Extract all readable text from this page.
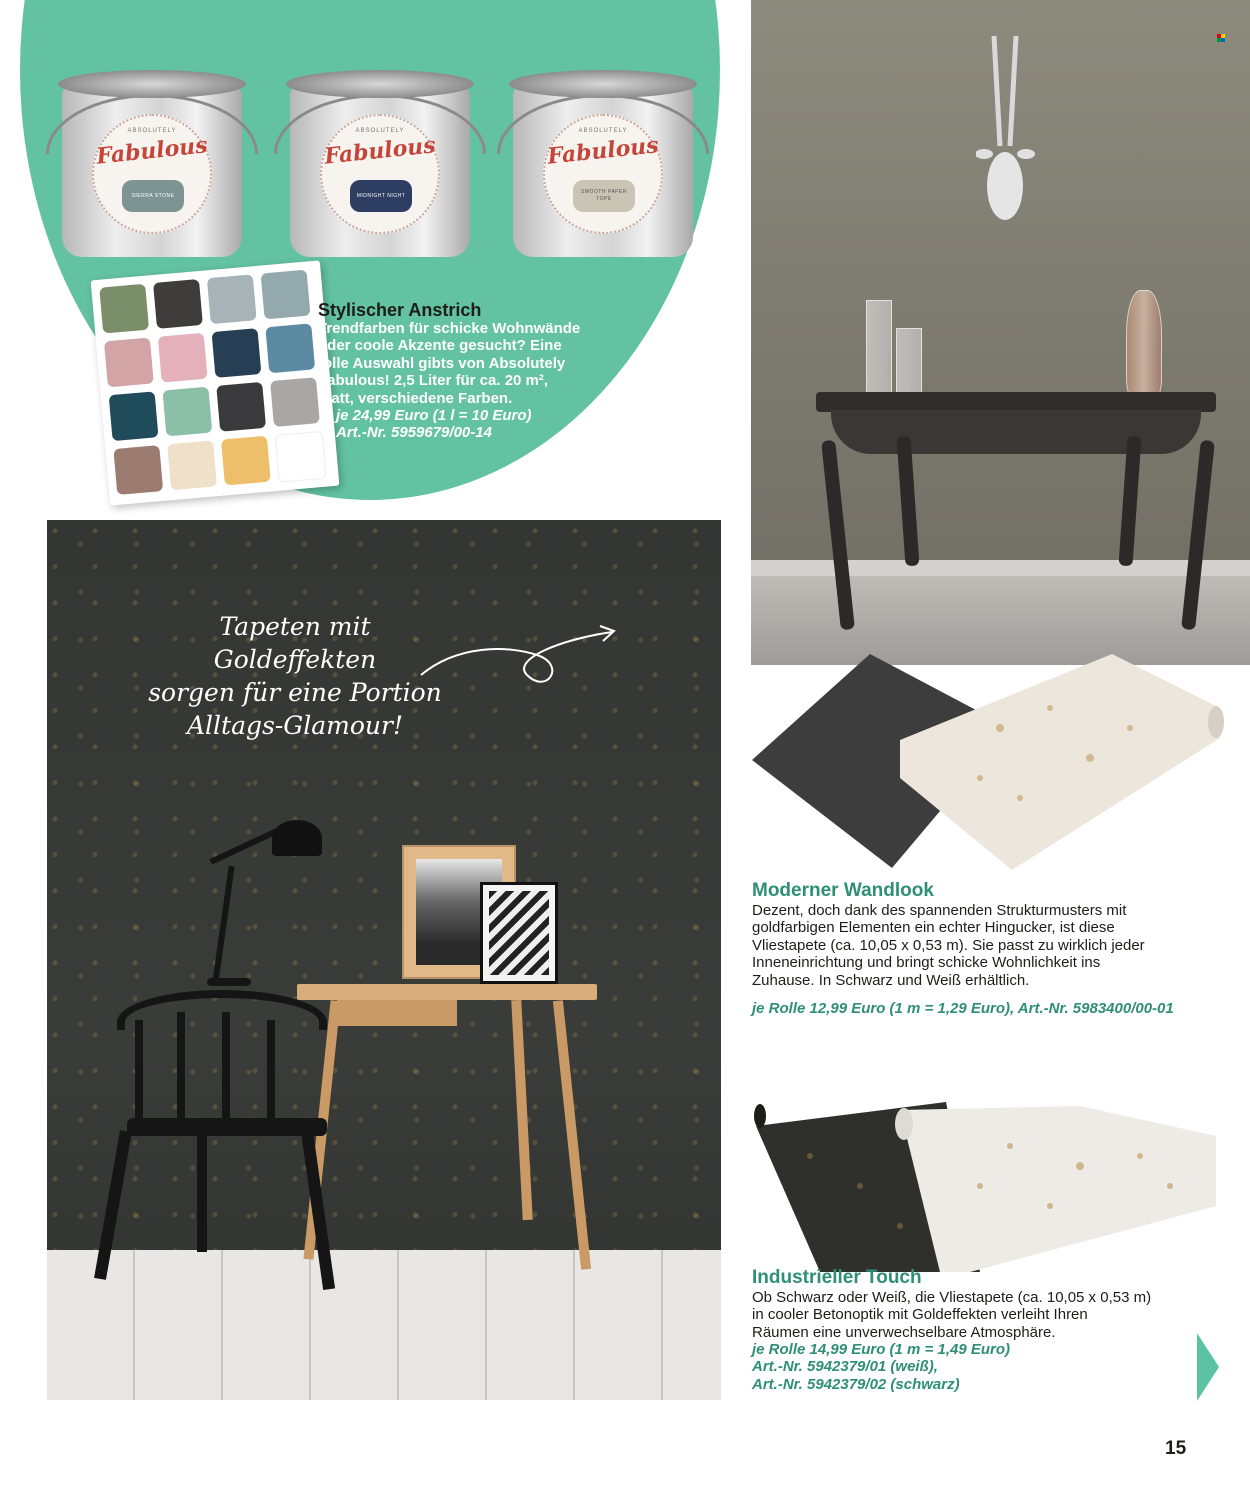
ABSOLUTELY
Fabulous
SIERRA STONE
ABSOLUTELY
Fabulous
MIDNIGHT NIGHT
ABSOLUTELY
Fabulous
SMOOTH PAPER TOPE
Stylischer Anstrich
Trendfarben für schicke Wohnwände
oder coole Akzente gesucht? Eine
tolle Auswahl gibts von Absolutely
Fabulous! 2,5 Liter für ca. 20 m²,
matt, verschiedene Farben.
je 24,99 Euro (1 l = 10 Euro)
Art.-Nr. 5959679/00-14
Tapeten mit Goldeffekten
sorgen für eine Portion
Alltags-Glamour!
Moderner Wandlook
Dezent, doch dank des spannenden Strukturmusters mit
goldfarbigen Elementen ein echter Hingucker, ist diese
Vliestapete (ca. 10,05 x 0,53 m). Sie passt zu wirklich jeder
Inneneinrichtung und bringt schicke Wohnlichkeit ins
Zuhause. In Schwarz und Weiß erhältlich.
je Rolle 12,99 Euro (1 m = 1,29 Euro), Art.-Nr. 5983400/00-01
Industrieller Touch
Ob Schwarz oder Weiß, die Vliestapete (ca. 10,05 x 0,53 m)
in cooler Betonoptik mit Goldeffekten verleiht Ihren
Räumen eine unverwechselbare Atmosphäre.
je Rolle 14,99 Euro (1 m = 1,49 Euro)
Art.-Nr. 5942379/01 (weiß),
Art.-Nr. 5942379/02 (schwarz)
15
